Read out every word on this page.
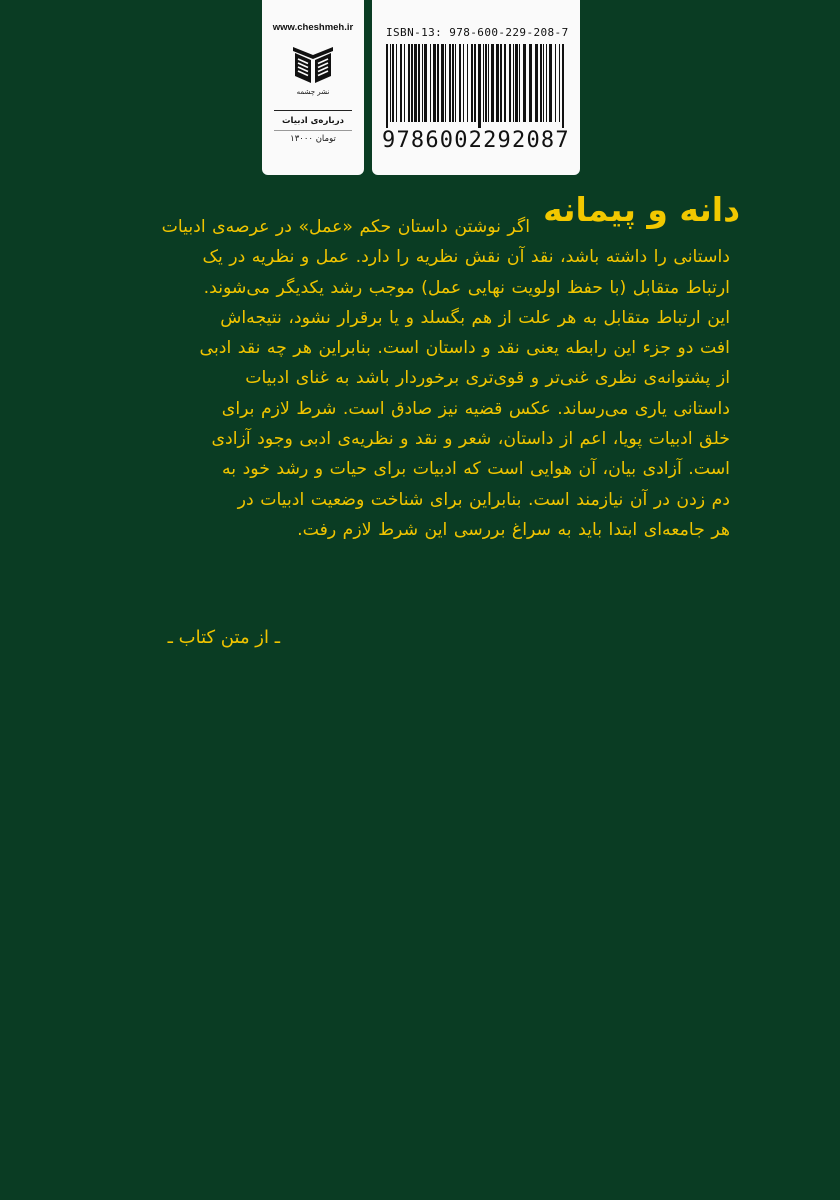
www.cheshmeh.ir
نشر چشمه
درباره‌ی ادبیات
۱۳۰۰۰ تومان
ISBN-13: 978-600-229-208-7
9786002292087
دانه و پیمانه
اگر نوشتن داستان حکم «عمل» در عرصه‌ی ادبیات
داستانی را داشته باشد، نقد آن نقش نظریه را دارد. عمل و نظریه در یک
ارتباط متقابل (با حفظ اولویت نهایی عمل) موجب رشد یکدیگر می‌شوند.
این ارتباط متقابل به هر علت از هم بگسلد و یا برقرار نشود، نتیجه‌اش
افت دو جزء این رابطه یعنی نقد و داستان است. بنابراین هر چه نقد ادبی
از پشتوانه‌ی نظری غنی‌تر و قوی‌تری برخوردار باشد به غنای ادبیات
داستانی یاری می‌رساند. عکس قضیه نیز صادق است. شرط لازم برای
خلق ادبیات پویا، اعم از داستان، شعر و نقد و نظریه‌ی ادبی وجود آزادی
است. آزادی بیان، آن هوایی است که ادبیات برای حیات و رشد خود به
دم زدن در آن نیازمند است. بنابراین برای شناخت وضعیت ادبیات در
هر جامعه‌ای ابتدا باید به سراغ بررسی این شرط لازم رفت.
ـ از متن کتاب ـ
